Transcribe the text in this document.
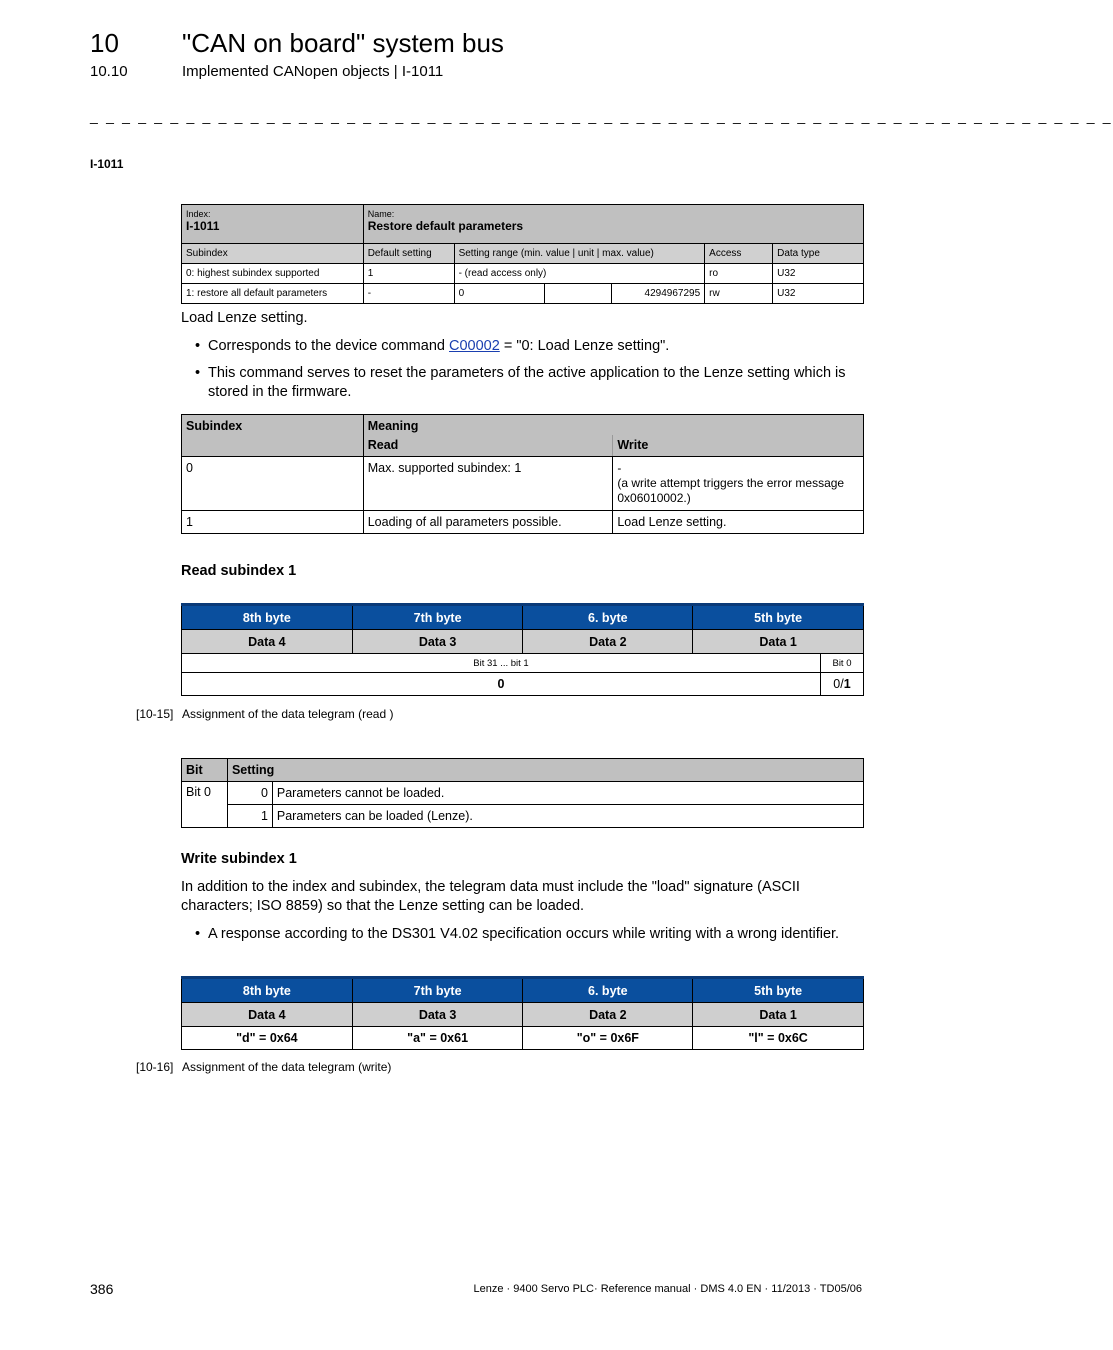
10 "CAN on board" system bus
10.10	Implemented CANopen objects | I-1011
_ _ _ _ _ _ _ _ _ _ _ _ _ _ _ _ _ _ _ _ _ _ _ _ _ _ _ _ _ _ _ _ _ _ _ _ _ _ _ _ _ _ _ _ _ _ _ _ _ _ _ _ _ _ _ _ _ _ _ _ _ _ _ _
I-1011
Index:
I-1011	Name:
Restore default parameters					

Subindex	Default setting	Setting range (min. value | unit | max. value)			Access	Data type
0: highest subindex supported	1	- (read access only)			ro	U32
1: restore all default parameters	-	0		4294967295	rw	U32
Load Lenze setting.
• Corresponds to the device command C00002 = "0: Load Lenze setting".
• This command serves to reset the parameters of the active application to the Lenze setting which is stored in the firmware.
Subindex	Meaning	
	Read	Write
0	Max. supported subindex: 1	-
(a write attempt triggers the error message 0x06010002.)

1	Loading of all parameters possible.	Load Lenze setting.
Read subindex 1
8th byte	7th byte	6. byte	5th byte	
Data 4	Data 3	Data 2	Data 1	
Bit 31 ... bit 1				Bit 0
0				0/1
[10-15] Assignment of the data telegram (read )
Bit	Setting	
Bit 0	0	Parameters cannot be loaded.
	1	Parameters can be loaded (Lenze).
Write subindex 1
In addition to the index and subindex, the telegram data must include the "load" signature (ASCII characters; ISO 8859) so that the Lenze setting can be loaded.
• A response according to the DS301 V4.02 specification occurs while writing with a wrong identifier.
8th byte	7th byte	6. byte	5th byte
Data 4	Data 3	Data 2	Data 1
"d" = 0x64	"a" = 0x61	"o" = 0x6F	"l" = 0x6C
[10-16] Assignment of the data telegram (write)
386	Lenze · 9400 Servo PLC· Reference manual · DMS 4.0 EN · 11/2013 · TD05/06
